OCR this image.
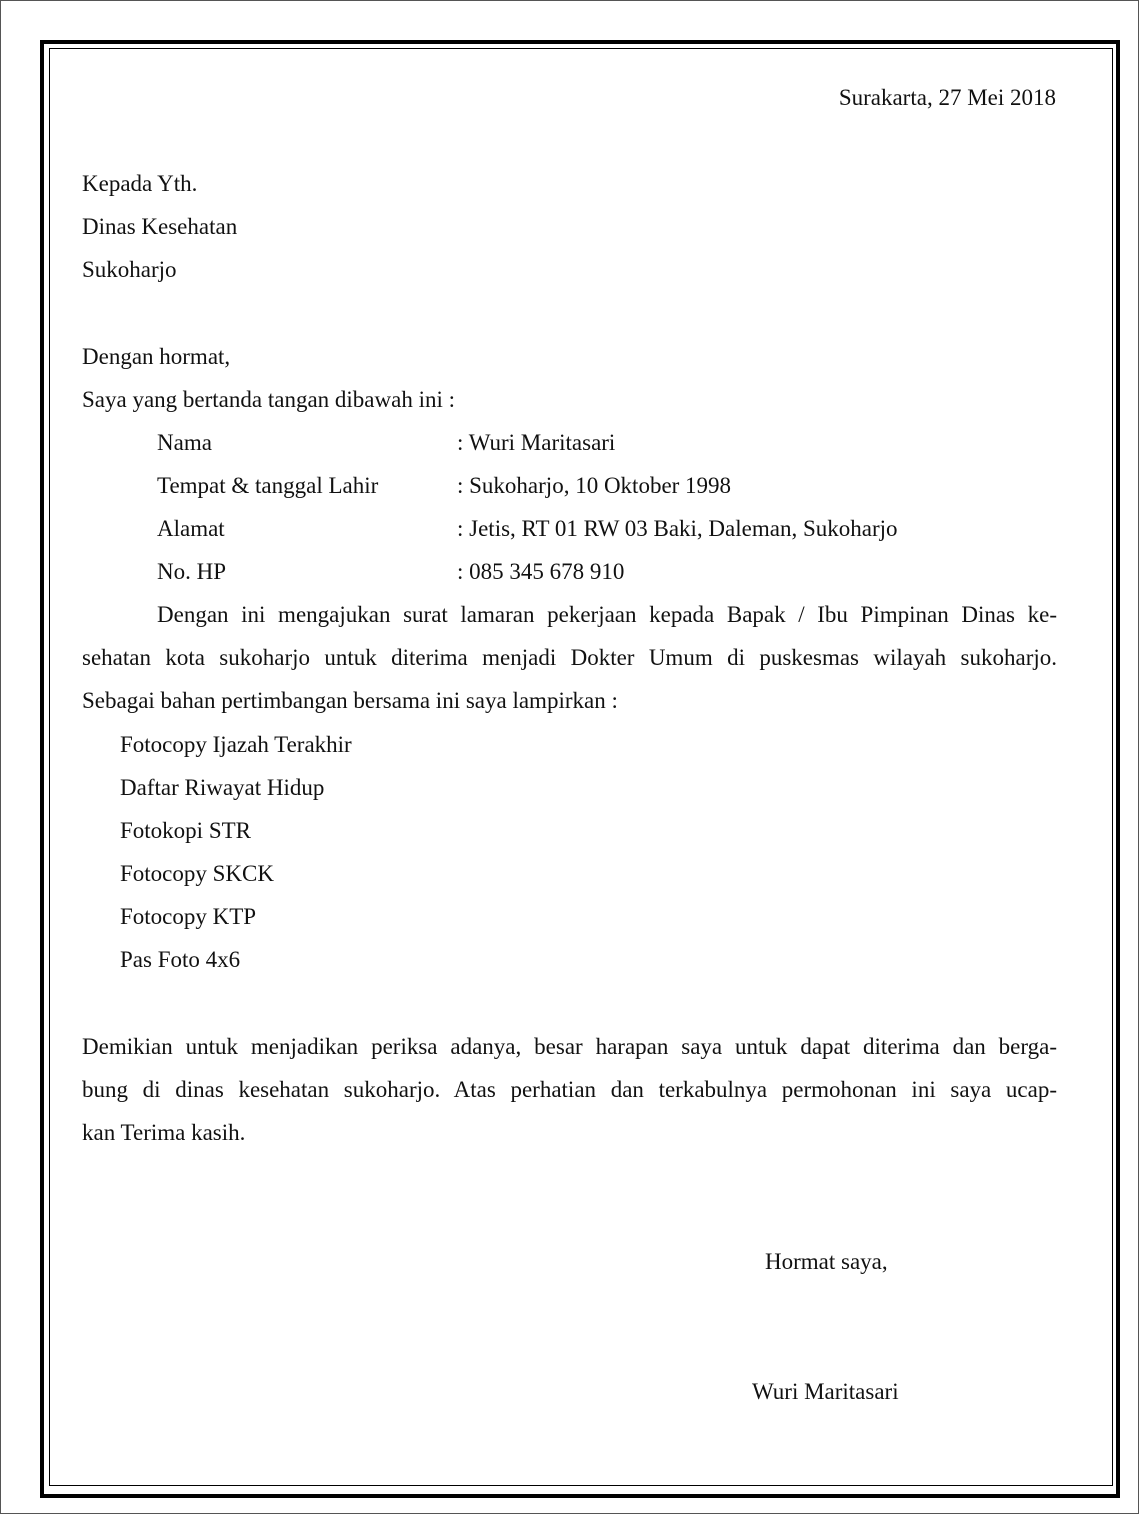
Surakarta, 27 Mei 2018

Kepada Yth.

Dinas Kesehatan

Sukoharjo

Dengan hormat,

Saya yang bertanda tangan dibawah ini :

Nama	: Wuri Maritasari
Tempat & tanggal Lahir	: Sukoharjo, 10 Oktober 1998
Alamat	: Jetis, RT 01 RW 03 Baki, Daleman, Sukoharjo
No. HP	: 085 345 678 910
Dengan ini mengajukan surat lamaran pekerjaan kepada Bapak / Ibu Pimpinan Dinas ke-
sehatan kota sukoharjo untuk diterima menjadi Dokter Umum di puskesmas wilayah sukoharjo.
Sebagai bahan pertimbangan bersama ini saya lampirkan :

Fotocopy Ijazah Terakhir

Daftar Riwayat Hidup

Fotokopi STR

Fotocopy SKCK

Fotocopy KTP

Pas Foto 4x6

Demikian untuk menjadikan periksa adanya, besar harapan saya untuk dapat diterima dan berga-
bung di dinas kesehatan sukoharjo. Atas perhatian dan terkabulnya permohonan ini saya ucap-
kan Terima kasih.

Hormat saya,

Wuri Maritasari
